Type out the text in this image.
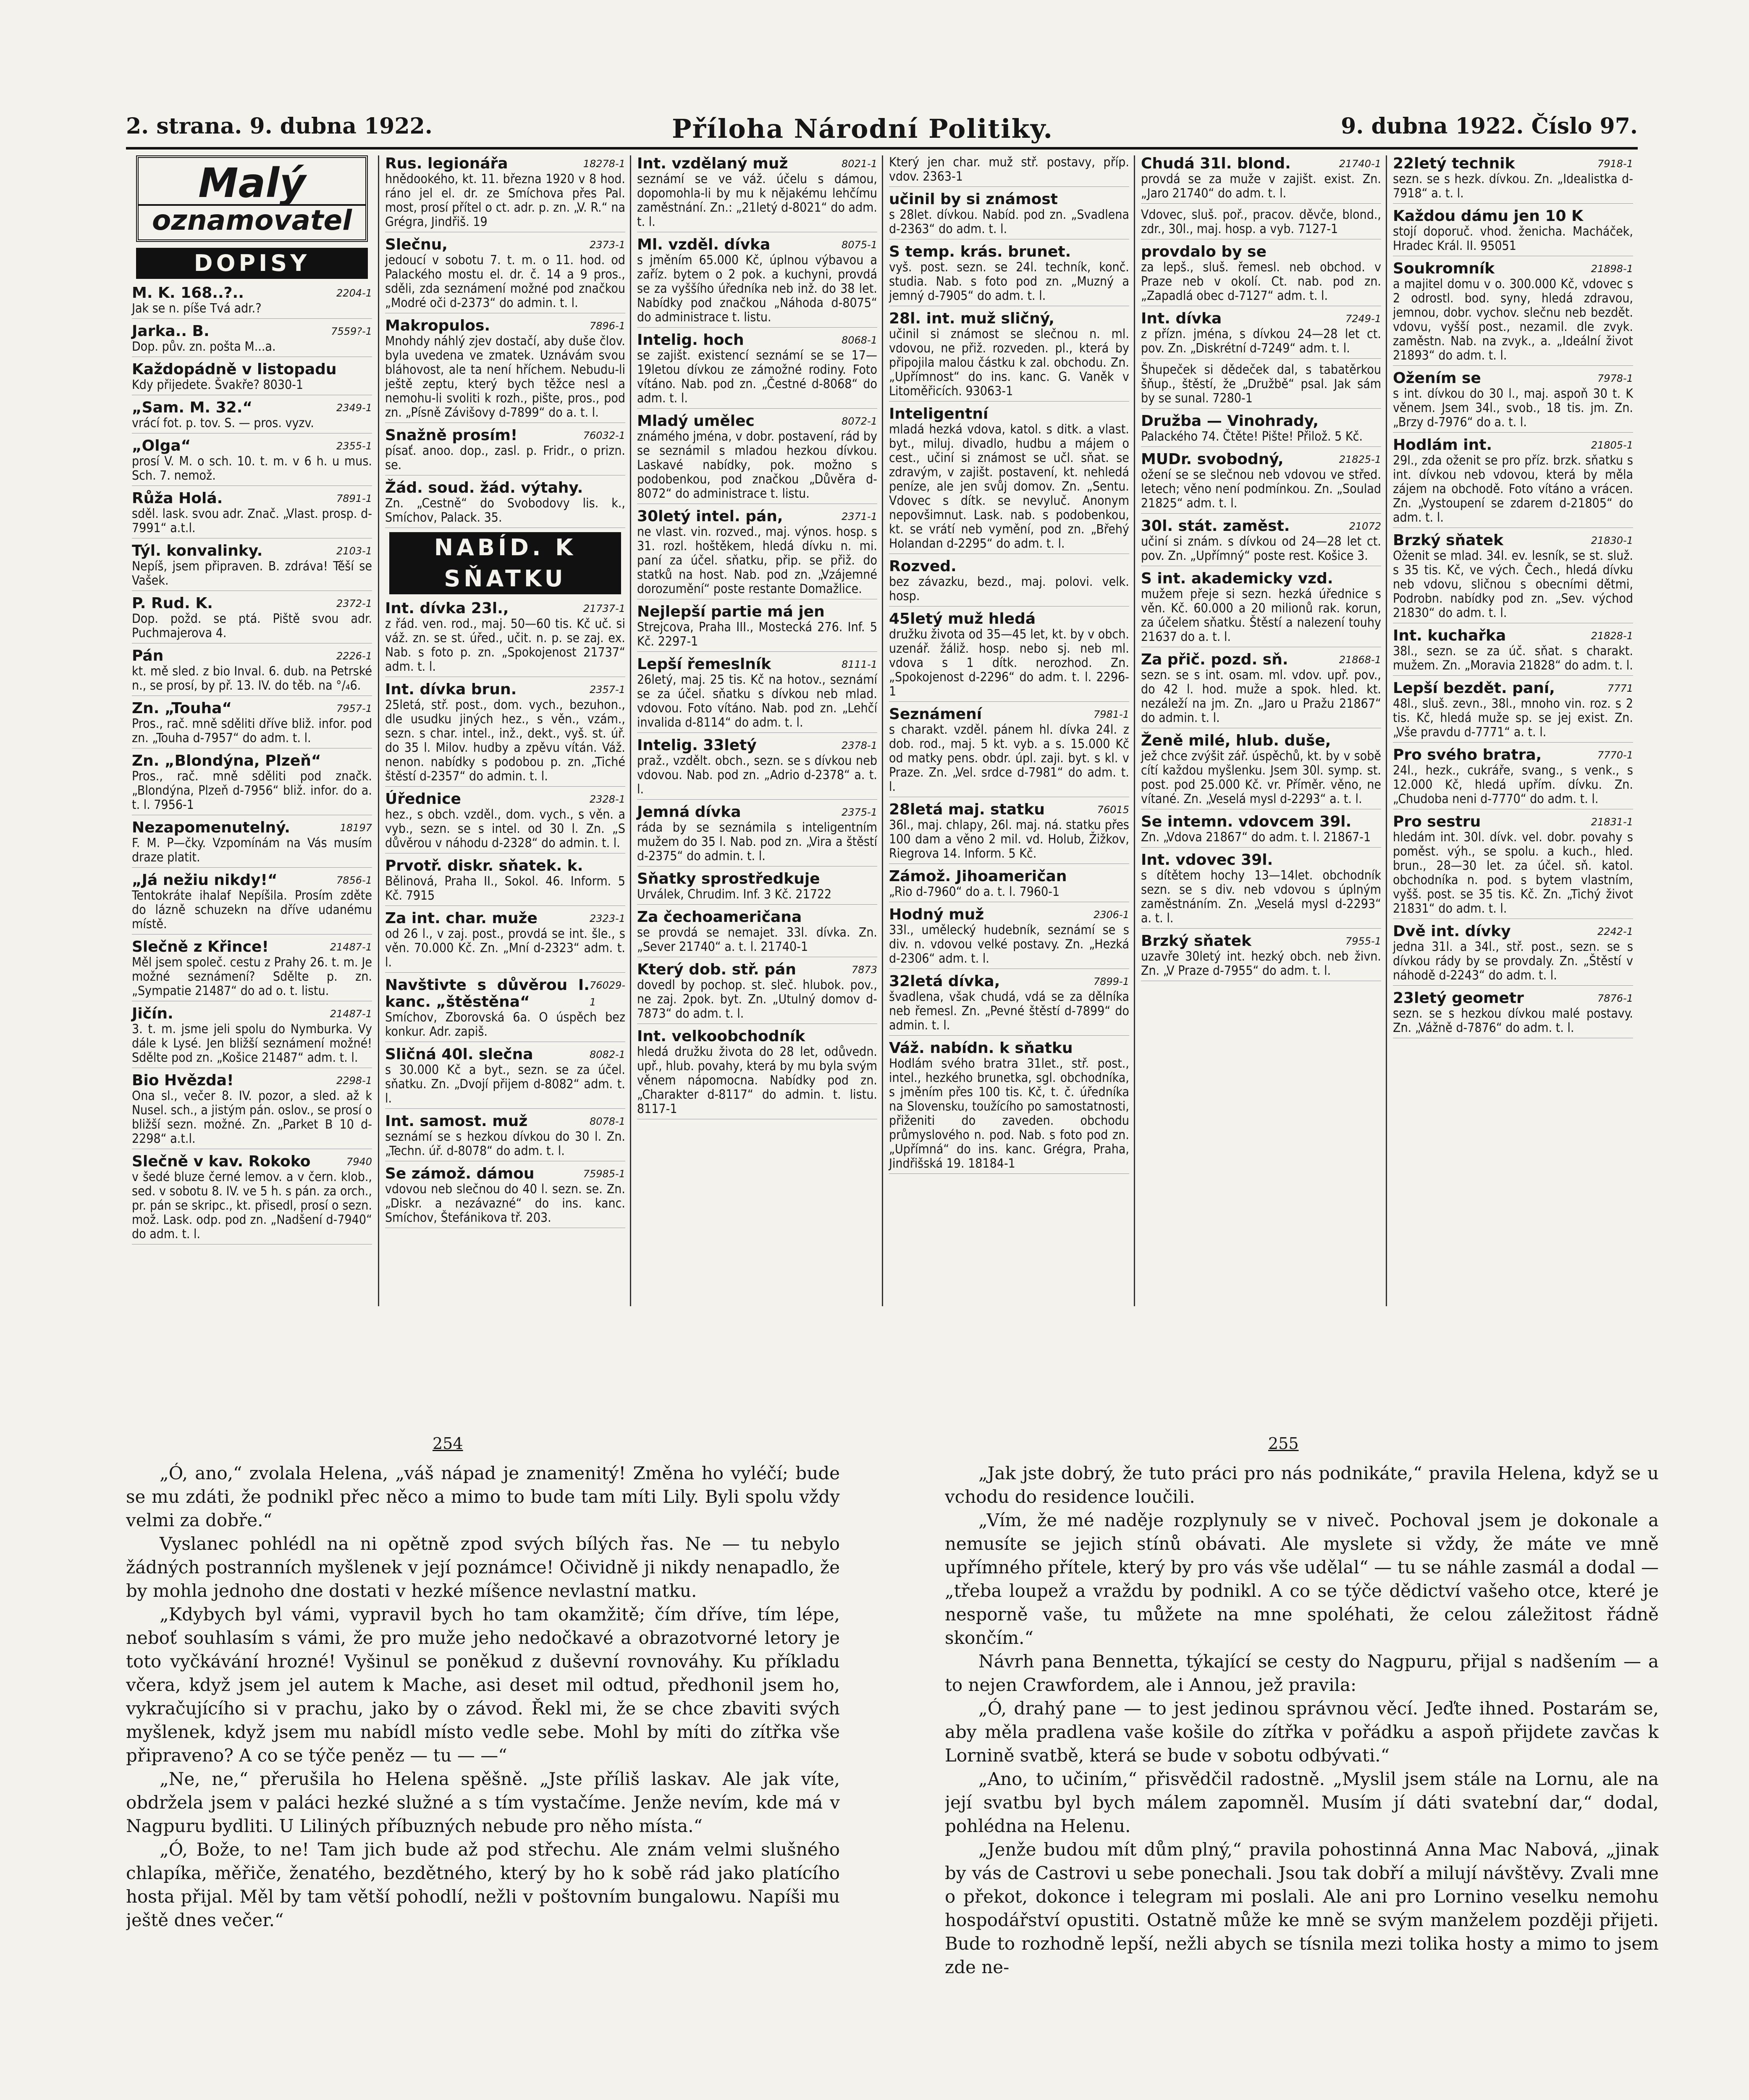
2. strana. 9. dubna 1922.	Příloha Národní Politiky.	9. dubna 1922. Číslo 97.
Malý
oznamovatel
DOPISY
M. K. 168..?..	2204-1

Jak se n. píše Tvá adr.?

Jarka.. B.	7559?-1

Dop. pův. zn. pošta M...a.

Každopádně v listopadu

Kdy přijedete. Švakře? 8030-1

„Sam. M. 32.“	2349-1

vrácí fot. p. tov. S. — pros. vyzv.

„Olga“	2355-1

prosí V. M. o sch. 10. t. m. v 6 h. u mus. Sch. 7. nemož.

Růža Holá.	7891-1

sděl. lask. svou adr. Znač. „Vlast. prosp. d-7991“ a.t.l.

Týl. konvalinky.	2103-1

Nepíš, jsem připraven. B. zdráva! Těší se Vašek.

P. Rud. K.	2372-1

Dop. požd. se ptá. Piště svou adr. Puchmajerova 4.

Pán	2226-1

kt. mě sled. z bio Inval. 6. dub. na Petrské n., se prosí, by př. 13. IV. do těb. na °/₄6.

Zn. „Touha“	7957-1

Pros., rač. mně sděliti dříve bliž. infor. pod zn. „Touha d-7957“ do adm. t. l.

Zn. „Blondýna, Plzeň“

Pros., rač. mně sděliti pod značk. „Blondýna, Plzeň d-7956“ bliž. infor. do a. t. l. 7956-1

Nezapomenutelný.	18197

F. M. P—čky. Vzpomínám na Vás musím draze platit.

„Já nežiu nikdy!“	7856-1

Tentokráte ihalaf Nepíšila. Prosím zděte do lázně schuzekn na dříve udanému místě.

Slečně z Křince!	21487-1

Měl jsem společ. cestu z Prahy 26. t. m. Je možné seznámení? Sdělte p. zn. „Sympatie 21487“ do ad o. t. listu.

Jičín.	21487-1

3. t. m. jsme jeli spolu do Nymburka. Vy dále k Lysé. Jen bližší seznámení možné! Sdělte pod zn. „Košice 21487“ adm. t. l.

Bio Hvězda!	2298-1

Ona sl., večer 8. IV. pozor, a sled. až k Nusel. sch., a jistým pán. oslov., se prosí o bližší sezn. možné. Zn. „Parket B 10 d-2298“ a.t.l.

Slečně v kav. Rokoko	7940

v šedé bluze černé lemov. a v čern. klob., sed. v sobotu 8. IV. ve 5 h. s pán. za orch., pr. pán se skripc., kt. přisedl, prosí o sezn. mož. Lask. odp. pod zn. „Nadšení d-7940“ do adm. t. l.

Rus. legionářa	18278-1

hnědookého, kt. 11. března 1920 v 8 hod. ráno jel el. dr. ze Smíchova přes Pal. most, prosí přítel o ct. adr. p. zn. „V. R.“ na Grégra, Jindřiš. 19

Slečnu,	2373-1

jedoucí v sobotu 7. t. m. o 11. hod. od Palackého mostu el. dr. č. 14 a 9 pros., sděli, zda seznámení možné pod značkou „Modré oči d-2373“ do admin. t. l.

Makropulos.	7896-1

Mnohdy náhlý zjev dostačí, aby duše člov. byla uvedena ve zmatek. Uznávám svou bláhovost, ale ta není hříchem. Nebudu-li ještě zeptu, který bych těžce nesl a nemohu-li svoliti k rozh., pište, pros., pod zn. „Písně Závišovy d-7899“ do a. t. l.

Snažně prosím!	76032-1

písať. anoo. dop., zasl. p. Fridr., o prizn. se.

Žád. soud. žád. výtahy.

Zn. „Cestně“ do Svobodovy lis. k., Smíchov, Palack. 35.

NABÍD. K SŇATKU
Int. dívka 23l.,	21737-1

z řád. ven. rod., maj. 50—60 tis. Kč uč. si váž. zn. se st. úřed., učit. n. p. se zaj. ex. Nab. s foto p. zn. „Spokojenost 21737“ adm. t. l.

Int. dívka brun.	2357-1

25letá, stř. post., dom. vych., bezuhon., dle usudku jiných hez., s věn., vzám., sezn. s char. intel., inž., dekt., vyš. st. úř. do 35 l. Milov. hudby a zpěvu vítán. Váž. nenon. nabídky s podobou p. zn. „Tiché štěstí d-2357“ do admin. t. l.

Úřednice	2328-1

hez., s obch. vzděl., dom. vych., s věn. a vyb., sezn. se s intel. od 30 l. Zn. „S důvěrou v náhodu d-2328“ do admin. t. l.

Prvotř. diskr. sňatek. k.

Bělinová, Praha II., Sokol. 46. Inform. 5 Kč. 7915

Za int. char. muže	2323-1

od 26 l., v zaj. post., provdá se int. šle., s věn. 70.000 Kč. Zn. „Mní d-2323“ adm. t. l.

Navštivte s důvěrou I. kanc. „štěstěna“
76029-1

Smíchov, Zborovská 6a. O úspěch bez konkur. Adr. zapiš.

Sličná 40l. slečna	8082-1

s 30.000 Kč a byt., sezn. se za účel. sňatku. Zn. „Dvojí přijem d-8082“ adm. t. l.

Int. samost. muž	8078-1

seznámí se s hezkou dívkou do 30 l. Zn. „Techn. úř. d-8078“ do adm. t. l.

Se zámož. dámou	75985-1

vdovou neb slečnou do 40 l. sezn. se. Zn. „Diskr. a nezávazné“ do ins. kanc. Smíchov, Štefánikova tř. 203.

Int. vzdělaný muž	8021-1

seznámí se ve váž. účelu s dámou, dopomohla-li by mu k nějakému lehčímu zaměstnání. Zn.: „21letý d-8021“ do adm. t. l.

Ml. vzděl. dívka	8075-1

s jměním 65.000 Kč, úplnou výbavou a zaříz. bytem o 2 pok. a kuchyni, provdá se za vyššího úředníka neb inž. do 38 let. Nabídky pod značkou „Náhoda d-8075“ do administrace t. listu.

Intelig. hoch	8068-1

se zajišt. existencí seznámí se se 17—19letou dívkou ze zámožné rodiny. Foto vítáno. Nab. pod zn. „Čestné d-8068“ do adm. t. l.

Mladý umělec	8072-1

známého jména, v dobr. postavení, rád by se seznámil s mladou hezkou dívkou. Laskavé nabídky, pok. možno s podobenkou, pod značkou „Důvěra d-8072“ do administrace t. listu.

30letý intel. pán,	2371-1

ne vlast. vin. rozved., maj. výnos. hosp. s 31. rozl. hoštěkem, hledá dívku n. mi. paní za účel. sňatku, přip. se přiž. do statků na host. Nab. pod zn. „Vzájemné dorozumění“ poste restante Domažlice.

Nejlepší partie má jen

Strejcova, Praha III., Mostecká 276. Inf. 5 Kč. 2297-1

Lepší řemeslník	8111-1

26letý, maj. 25 tis. Kč na hotov., seznámí se za účel. sňatku s dívkou neb mlad. vdovou. Foto vítáno. Nab. pod zn. „Lehčí invalida d-8114“ do adm. t. l.

Intelig. 33letý	2378-1

praž., vzdělt. obch., sezn. se s dívkou neb vdovou. Nab. pod zn. „Adrio d-2378“ a. t. l.

Jemná dívka	2375-1

ráda by se seznámila s inteligentním mužem do 35 l. Nab. pod zn. „Vira a štěstí d-2375“ do admin. t. l.

Sňatky sprostředkuje

Urválek, Chrudim. Inf. 3 Kč. 21722

Za čechoameričana

se provdá se nemajet. 33l. dívka. Zn. „Sever 21740“ a. t. l. 21740-1

Který dob. stř. pán	7873

dovedl by pochop. st. sleč. hlubok. pov., ne zaj. 2pok. byt. Zn. „Utulný domov d-7873“ do adm. t. l.

Int. velkoobchodník

hledá družku života do 28 let, odůvedn. upř., hlub. povahy, která by mu byla svým věnem nápomocna. Nabídky pod zn. „Charakter d-8117“ do admin. t. listu. 8117-1

Který jen char. muž stř. postavy, příp. vdov. 2363-1

učinil by si známost

s 28let. dívkou. Nabíd. pod zn. „Svadlena d-2363“ do adm. t. l.

S temp. krás. brunet.

vyš. post. sezn. se 24l. techník, konč. studia. Nab. s foto pod zn. „Muzný a jemný d-7905“ do adm. t. l.

28l. int. muž sličný,

učinil si známost se slečnou n. ml. vdovou, ne přiž. rozveden. pl., která by připojila malou částku k zal. obchodu. Zn. „Upřímnost“ do ins. kanc. G. Vaněk v Litoměřicích. 93063-1

Inteligentní

mladá hezká vdova, katol. s ditk. a vlast. byt., miluj. divadlo, hudbu a májem o cest., učiní si známost se učl. sňat. se zdravým, v zajišt. postavení, kt. nehledá peníze, ale jen svůj domov. Zn. „Sentu. Vdovec s dítk. se nevyluč. Anonym nepovšimnut. Lask. nab. s podobenkou, kt. se vrátí neb vymění, pod zn. „Břehý Holandan d-2295“ do adm. t. l.

Rozved.

bez závazku, bezd., maj. polovi. velk. hosp.

45letý muž hledá

družku života od 35—45 let, kt. by v obch. uzenář. žáliž. hosp. nebo sj. neb ml. vdova s 1 dítk. nerozhod. Zn. „Spokojenost d-2296“ do adm. t. l. 2296-1

Seznámení	7981-1

s charakt. vzděl. pánem hl. dívka 24l. z dob. rod., maj. 5 kt. vyb. a s. 15.000 Kč od matky pens. obdr. úpl. zaji. byt. s kl. v Praze. Zn. „Vel. srdce d-7981“ do adm. t. l.

28letá maj. statku	76015

36l., maj. chlapy, 26l. maj. ná. statku přes 100 dam a věno 2 mil. vd. Holub, Žižkov, Riegrova 14. Inform. 5 Kč.

Zámož. Jihoameričan

„Rio d-7960“ do a. t. l. 7960-1

Hodný muž	2306-1

33l., umělecký hudebník, seznámí se s div. n. vdovou velké postavy. Zn. „Hezká d-2306“ adm. t. l.

32letá dívka,	7899-1

švadlena, však chudá, vdá se za dělníka neb řemesl. Zn. „Pevné štěstí d-7899“ do admin. t. l.

Váž. nabídn. k sňatku

Hodlám svého bratra 31let., stř. post., intel., hezkého brunetka, sgl. obchodníka, s jměním přes 100 tis. Kč, t. č. úředníka na Slovensku, toužícího po samostatnosti, přiženiti do zaveden. obchodu průmyslového n. pod. Nab. s foto pod zn. „Upřímná“ do ins. kanc. Grégra, Praha, Jindřišská 19. 18184-1

Chudá 31l. blond.	21740-1

provdá se za muže v zajišt. exist. Zn. „Jaro 21740“ do adm. t. l.

Vdovec, sluš. poř., pracov. děvče, blond., zdr., 30l., maj. hosp. a vyb. 7127-1

provdalo by se

za lepš., sluš. řemesl. neb obchod. v Praze neb v okolí. Ct. nab. pod zn. „Zapadlá obec d-7127“ adm. t. l.

Int. dívka	7249-1

z přízn. jména, s dívkou 24—28 let ct. pov. Zn. „Diskrétní d-7249“ adm. t. l.

Šhupeček si dědeček dal, s tabatěrkou šňup., štěstí, že „Družbě“ psal. Jak sám by se sunal. 7280-1

Družba — Vinohrady,

Palackého 74. Čtěte! Pište! Přilož. 5 Kč.

MUDr. svobodný,	21825-1

ožení se se slečnou neb vdovou ve střed. letech; věno není podmínkou. Zn. „Soulad 21825“ adm. t. l.

30l. stát. zaměst.	21072

učiní si znám. s dívkou od 24—28 let ct. pov. Zn. „Upřímný“ poste rest. Košice 3.

S int. akademicky vzd.

mužem přeje si sezn. hezká úřednice s věn. Kč. 60.000 a 20 milionů rak. korun, za účelem sňatku. Štěstí a nalezení touhy 21637 do a. t. l.

Za přič. pozd. sň.	21868-1

sezn. se s int. osam. ml. vdov. upř. pov., do 42 l. hod. muže a spok. hled. kt. nezáleží na jm. Zn. „Jaro u Pražu 21867“ do admin. t. l.

Ženě milé, hlub. duše,

jež chce zvýšit zář. úspěchů, kt. by v sobě cítí každou myšlenku. Jsem 30l. symp. st. post. pod 25.000 Kč. vr. Příměr. věno, ne vítané. Zn. „Veselá mysl d-2293“ a. t. l.

Se intemn. vdovcem 39l.

Zn. „Vdova 21867“ do adm. t. l. 21867-1

Int. vdovec 39l.

s dítětem hochy 13—14let. obchodník sezn. se s div. neb vdovou s úplným zaměstnáním. Zn. „Veselá mysl d-2293“ a. t. l.

Brzký sňatek	7955-1

uzavře 30letý int. hezký obch. neb živn. Zn. „V Praze d-7955“ do adm. t. l.

22letý technik	7918-1

sezn. se s hezk. dívkou. Zn. „Idealistka d-7918“ a. t. l.

Každou dámu jen 10 K

stojí doporuč. vhod. ženicha. Macháček, Hradec Král. II. 95051

Soukromník	21898-1

a majitel domu v o. 300.000 Kč, vdovec s 2 odrostl. bod. syny, hledá zdravou, jemnou, dobr. vychov. slečnu neb bezdět. vdovu, vyšší post., nezamil. dle zvyk. zaměstn. Nab. na zvyk., a. „Ideální život 21893“ do adm. t. l.

Ožením se	7978-1

s int. dívkou do 30 l., maj. aspoň 30 t. K věnem. Jsem 34l., svob., 18 tis. jm. Zn. „Brzy d-7976“ do a. t. l.

Hodlám int.	21805-1

29l., zda oženit se pro příz. brzk. sňatku s int. dívkou neb vdovou, která by měla zájem na obchodě. Foto vítáno a vrácen. Zn. „Vystoupení se zdarem d-21805“ do adm. t. l.

Brzký sňatek	21830-1

Oženit se mlad. 34l. ev. lesník, se st. služ. s 35 tis. Kč, ve vých. Čech., hledá dívku neb vdovu, sličnou s obecními dětmi, Podrobn. nabídky pod zn. „Sev. východ 21830“ do adm. t. l.

Int. kuchařka	21828-1

38l., sezn. se za úč. sňat. s charakt. mužem. Zn. „Moravia 21828“ do adm. t. l.

Lepší bezdět. paní,	7771

48l., sluš. zevn., 38l., mnoho vin. roz. s 2 tis. Kč, hledá muže sp. se jej exist. Zn. „Vše pravdu d-7771“ a. t. l.

Pro svého bratra,	7770-1

24l., hezk., cukráře, svang., s venk., s 12.000 Kč, hledá upřím. dívku. Zn. „Chudoba neni d-7770“ do adm. t. l.

Pro sestru	21831-1

hledám int. 30l. dívk. vel. dobr. povahy s poměst. výh., se spolu. a kuch., hled. brun., 28—30 let. za účel. sň. katol. obchodníka n. pod. s bytem vlastním, vyšš. post. se 35 tis. Kč. Zn. „Tichý život 21831“ do adm. t. l.

Dvě int. dívky	2242-1

jedna 31l. a 34l., stř. post., sezn. se s dívkou rády by se provdaly. Zn. „Štěstí v náhodě d-2243“ do adm. t. l.

23letý geometr	7876-1

sezn. se s hezkou dívkou malé postavy. Zn. „Vážně d-7876“ do adm. t. l.

254	255

„Ó, ano,“ zvolala Helena, „váš nápad je znamenitý! Změna ho vyléčí; bude se mu zdáti, že podnikl přec něco a mimo to bude tam míti Lily. Byli spolu vždy velmi za dobře.“

Vyslanec pohlédl na ni opětně zpod svých bílých řas. Ne — tu nebylo žádných postranních myšlenek v její poznámce! Očividně ji nikdy nenapadlo, že by mohla jednoho dne dostati v hezké míšence nevlastní matku.

„Kdybych byl vámi, vypravil bych ho tam okamžitě; čím dříve, tím lépe, neboť souhlasím s vámi, že pro muže jeho nedočkavé a obrazotvorné letory je toto vyčkávání hrozné! Vyšinul se poněkud z duševní rovnováhy. Ku příkladu včera, když jsem jel autem k Mache, asi deset mil odtud, předhonil jsem ho, vykračujícího si v prachu, jako by o závod. Řekl mi, že se chce zbaviti svých myšlenek, když jsem mu nabídl místo vedle sebe. Mohl by míti do zítřka vše připraveno? A co se týče peněz — tu — —“

„Ne, ne,“ přerušila ho Helena spěšně. „Jste příliš laskav. Ale jak víte, obdržela jsem v paláci hezké služné a s tím vystačíme. Jenže nevím, kde má v Nagpuru bydliti. U Liliných příbuzných nebude pro něho místa.“

„Ó, Bože, to ne! Tam jich bude až pod střechu. Ale znám velmi slušného chlapíka, měřiče, ženatého, bezdětného, který by ho k sobě rád jako platícího hosta přijal. Měl by tam větší pohodlí, nežli v poštovním bungalowu. Napíši mu ještě dnes večer.“

„Jak jste dobrý, že tuto práci pro nás podnikáte,“ pravila Helena, když se u vchodu do residence loučili.

„Vím, že mé naděje rozplynuly se v niveč. Pochoval jsem je dokonale a nemusíte se jejich stínů obávati. Ale myslete si vždy, že máte ve mně upřímného přítele, který by pro vás vše udělal“ — tu se náhle zasmál a dodal — „třeba loupež a vraždu by podnikl. A co se týče dědictví vašeho otce, které je nesporně vaše, tu můžete na mne spoléhati, že celou záležitost řádně skončím.“

Návrh pana Bennetta, týkající se cesty do Nagpuru, přijal s nadšením — a to nejen Crawfordem, ale i Annou, jež pravila:

„Ó, drahý pane — to jest jedinou správnou věcí. Jeďte ihned. Postarám se, aby měla pradlena vaše košile do zítřka v pořádku a aspoň přijdete zavčas k Lornině svatbě, která se bude v sobotu odbývati.“

„Ano, to učiním,“ přisvědčil radostně. „Myslil jsem stále na Lornu, ale na její svatbu byl bych málem zapomněl. Musím jí dáti svatební dar,“ dodal, pohlédna na Helenu.

„Jenže budou mít dům plný,“ pravila pohostinná Anna Mac Nabová, „jinak by vás de Castrovi u sebe ponechali. Jsou tak dobří a milují návštěvy. Zvali mne o překot, dokonce i telegram mi poslali. Ale ani pro Lornino veselku nemohu hospodářství opustiti. Ostatně může ke mně se svým manželem později přijeti. Bude to rozhodně lepší, nežli abych se tísnila mezi tolika hosty a mimo to jsem zde ne-
